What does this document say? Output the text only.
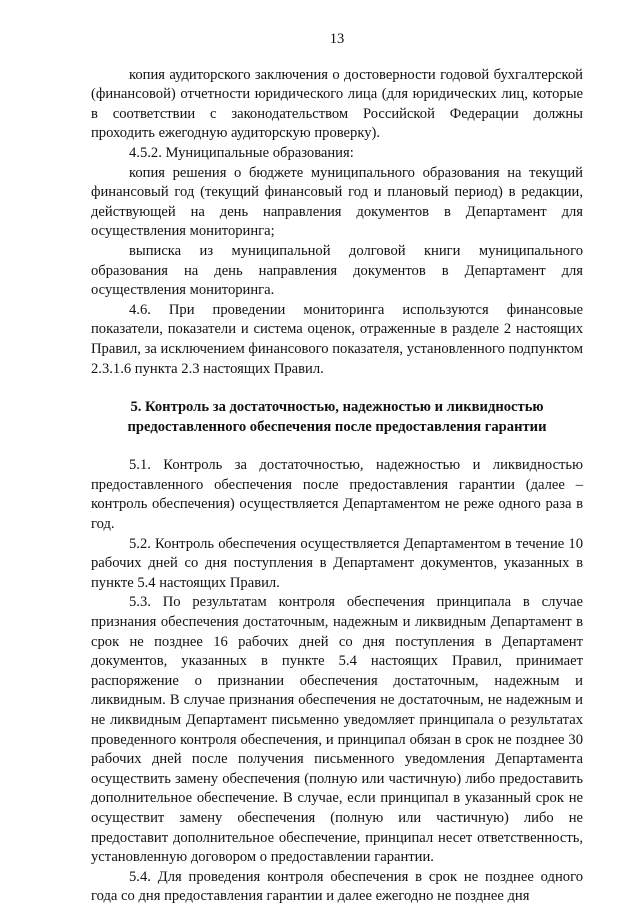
13

копия аудиторского заключения о достоверности годовой бухгалтерской (финансовой) отчетности юридического лица (для юридических лиц, которые в соответствии с законодательством Российской Федерации должны проходить ежегодную аудиторскую проверку).

4.5.2. Муниципальные образования:

копия решения о бюджете муниципального образования на текущий финансовый год (текущий финансовый год и плановый период) в редакции, действующей на день направления документов в Департамент для осуществления мониторинга;

выписка из муниципальной долговой книги муниципального образования на день направления документов в Департамент для осуществления мониторинга.

4.6. При проведении мониторинга используются финансовые показатели, показатели и система оценок, отраженные в разделе 2 настоящих Правил, за исключением финансового показателя, установленного подпунктом 2.3.1.6 пункта 2.3 настоящих Правил.

5. Контроль за достаточностью, надежностью и ликвидностью
предоставленного обеспечения после предоставления гарантии

5.1. Контроль за достаточностью, надежностью и ликвидностью предоставленного обеспечения после предоставления гарантии (далее – контроль обеспечения) осуществляется Департаментом не реже одного раза в год.

5.2. Контроль обеспечения осуществляется Департаментом в течение 10 рабочих дней со дня поступления в Департамент документов, указанных в пункте 5.4 настоящих Правил.

5.3. По результатам контроля обеспечения принципала в случае признания обеспечения достаточным, надежным и ликвидным Департамент в срок не позднее 16 рабочих дней со дня поступления в Департамент документов, указанных в пункте 5.4 настоящих Правил, принимает распоряжение о признании обеспечения достаточным, надежным и ликвидным. В случае признания обеспечения не достаточным, не надежным и не ликвидным Департамент письменно уведомляет принципала о результатах проведенного контроля обеспечения, и принципал обязан в срок не позднее 30 рабочих дней после получения письменного уведомления Департамента осуществить замену обеспечения (полную или частичную) либо предоставить дополнительное обеспечение. В случае, если принципал в указанный срок не осуществит замену обеспечения (полную или частичную) либо не предоставит дополнительное обеспечение, принципал несет ответственность, установленную договором о предоставлении гарантии.

5.4. Для проведения контроля обеспечения в срок не позднее одного года со дня предоставления гарантии и далее ежегодно не позднее дня
